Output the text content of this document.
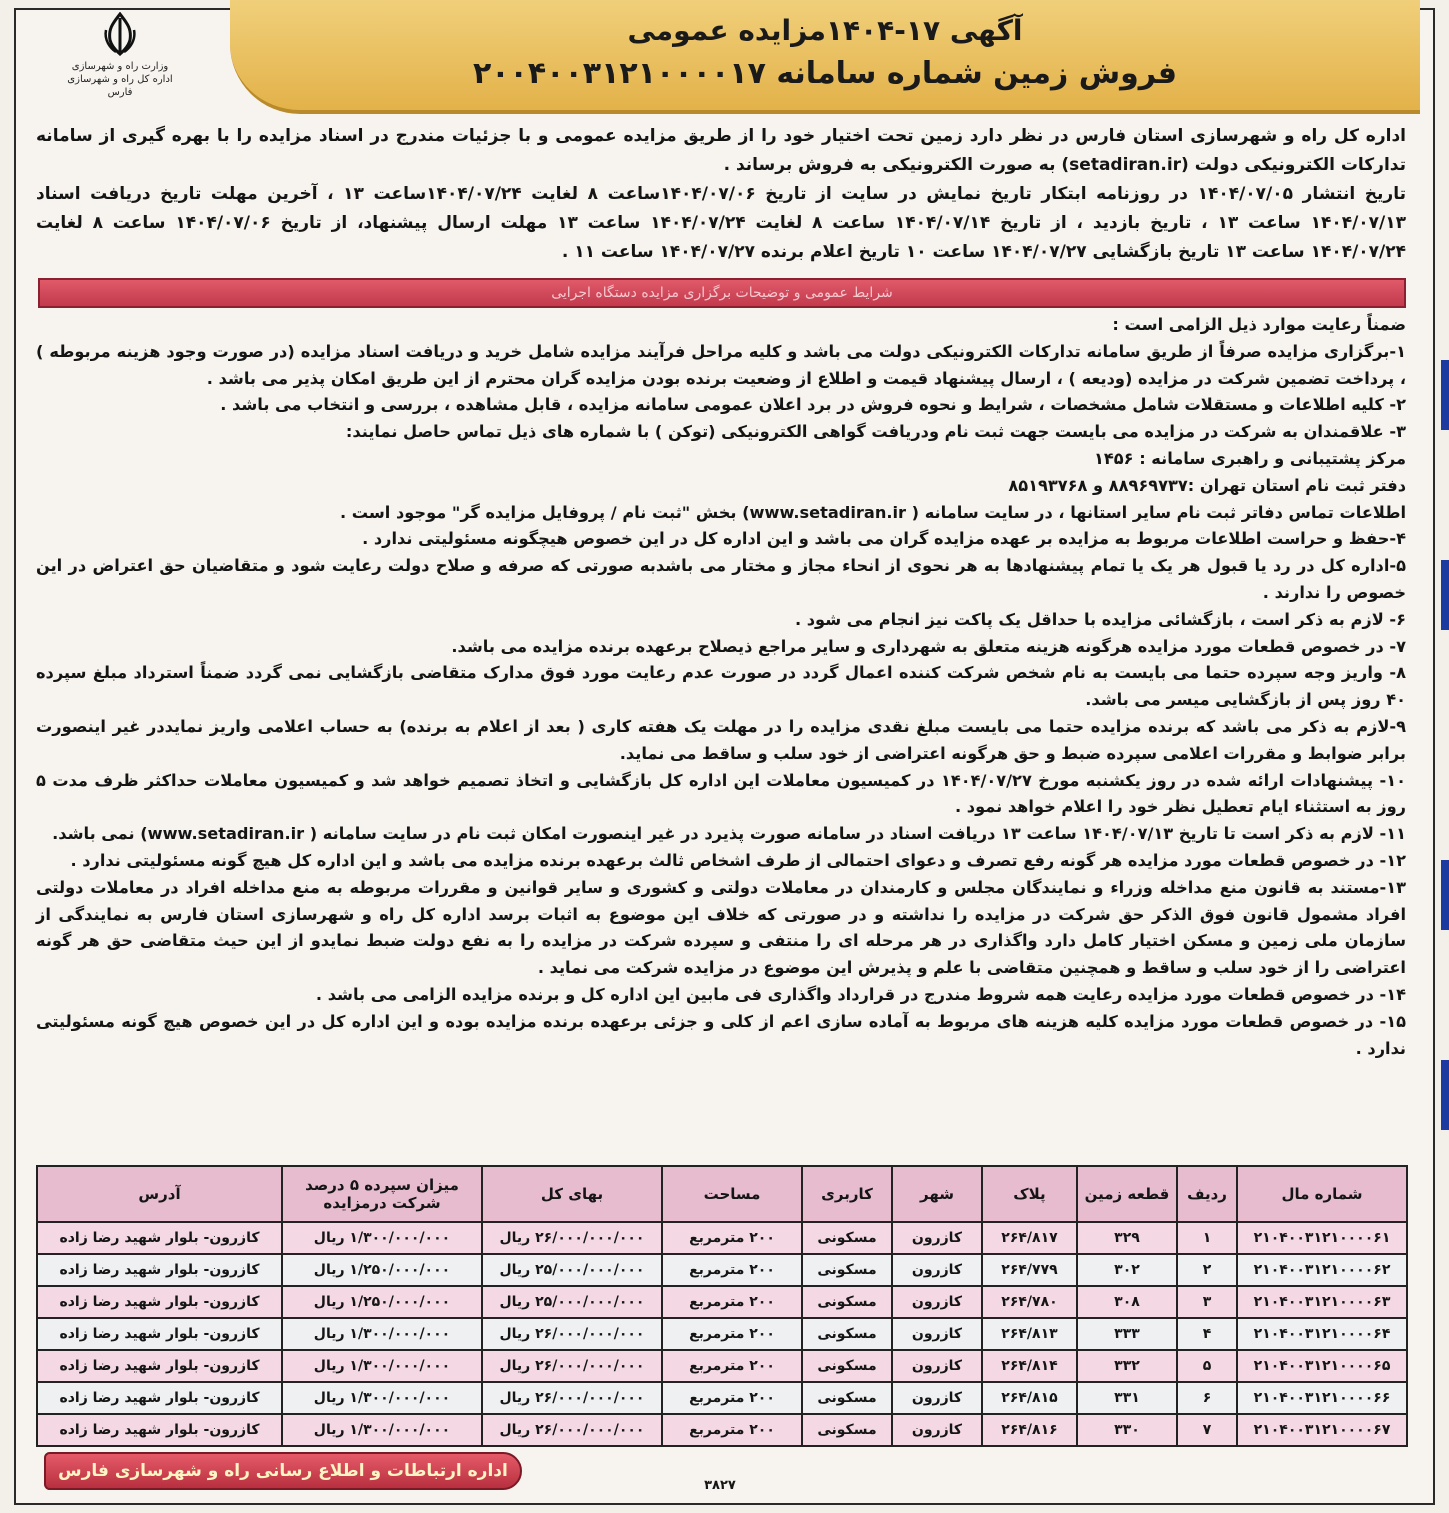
آگهی ۱۷-۱۴۰۴مزایده عمومی
فروش زمین شماره سامانه ۲۰۰۴۰۰۳۱۲۱۰۰۰۰۱۷
وزارت راه و شهرسازی
اداره کل راه و شهرسازی فارس

اداره کل راه و شهرسازی استان فارس در نظر دارد زمین تحت اختیار خود را از طریق مزایده عمومی و با جزئیات مندرج در اسناد مزایده را با بهره گیری از سامانه تدارکات الکترونیکی دولت (setadiran.ir) به صورت الکترونیکی به فروش برساند .

تاریخ انتشار ۱۴۰۴/۰۷/۰۵ در روزنامه ابتکار تاریخ نمایش در سایت از تاریخ ۱۴۰۴/۰۷/۰۶ساعت ۸ لغایت ۱۴۰۴/۰۷/۲۴ساعت ۱۳ ، آخرین مهلت تاریخ دریافت اسناد ۱۴۰۴/۰۷/۱۳ ساعت ۱۳ ، تاریخ بازدید ، از تاریخ ۱۴۰۴/۰۷/۱۴ ساعت ۸ لغایت ۱۴۰۴/۰۷/۲۴ ساعت ۱۳ مهلت ارسال پیشنهاد، از تاریخ ۱۴۰۴/۰۷/۰۶ ساعت ۸ لغایت ۱۴۰۴/۰۷/۲۴ ساعت ۱۳ تاریخ بازگشایی ۱۴۰۴/۰۷/۲۷ ساعت ۱۰ تاریخ اعلام برنده ۱۴۰۴/۰۷/۲۷ ساعت ۱۱ .

شرایط عمومی و توضیحات برگزاری مزایده دستگاه اجرایی

ضمناً رعایت موارد ذیل الزامی است :

۱-برگزاری مزایده صرفاً از طریق سامانه تدارکات الکترونیکی دولت می باشد و کلیه مراحل فرآیند مزایده شامل خرید و دریافت اسناد مزایده (در صورت وجود هزینه مربوطه ) ، پرداخت تضمین شرکت در مزایده (ودیعه ) ، ارسال پیشنهاد قیمت و اطلاع از وضعیت برنده بودن مزایده گران محترم از این طریق امکان پذیر می باشد .

۲- کلیه اطلاعات و مستقلات شامل مشخصات ، شرایط و نحوه فروش در برد اعلان عمومی سامانه مزایده ، قابل مشاهده ، بررسی و انتخاب می باشد .

۳- علاقمندان به شرکت در مزایده می بایست جهت ثبت نام ودریافت گواهی الکترونیکی (توکن ) با شماره های ذیل تماس حاصل نمایند:

مرکز پشتیبانی و راهبری سامانه : ۱۴۵۶

دفتر ثبت نام استان تهران :۸۸۹۶۹۷۳۷ و ۸۵۱۹۳۷۶۸

اطلاعات تماس دفاتر ثبت نام سایر استانها ، در سایت سامانه ( www.setadiran.ir) بخش "ثبت نام / پروفایل مزایده گر" موجود است .

۴-حفظ و حراست اطلاعات مربوط به مزایده بر عهده مزایده گران می باشد و این اداره کل در این خصوص هیچگونه مسئولیتی ندارد .

۵-اداره کل در رد یا قبول هر یک یا تمام پیشنهادها به هر نحوی از انحاء مجاز و مختار می باشدبه صورتی که صرفه و صلاح دولت رعایت شود و متقاضیان حق اعتراض در این خصوص را ندارند .

۶- لازم به ذکر است ، بازگشائی مزایده با حداقل یک پاکت نیز انجام می شود .

۷- در خصوص قطعات مورد مزایده هرگونه هزینه متعلق به شهرداری و سایر مراجع ذیصلاح برعهده برنده مزایده می باشد.

۸- واریز وجه سپرده حتما می بایست به نام شخص شرکت کننده اعمال گردد در صورت عدم رعایت مورد فوق مدارک متقاضی بازگشایی نمی گردد ضمناً استرداد مبلغ سپرده ۴۰ روز پس از بازگشایی میسر می باشد.

۹-لازم به ذکر می باشد که برنده مزایده حتما می بایست مبلغ نقدی مزایده را در مهلت یک هفته کاری ( بعد از اعلام به برنده) به حساب اعلامی واریز نمایددر غیر اینصورت برابر ضوابط و مقررات اعلامی سپرده ضبط و حق هرگونه اعتراضی از خود سلب و ساقط می نماید.

۱۰- پیشنهادات ارائه شده در روز یکشنبه مورخ ۱۴۰۴/۰۷/۲۷ در کمیسیون معاملات این اداره کل بازگشایی و اتخاذ تصمیم خواهد شد و کمیسیون معاملات حداکثر ظرف مدت ۵ روز به استثناء ایام تعطیل نظر خود را اعلام خواهد نمود .

۱۱- لازم به ذکر است تا تاریخ ۱۴۰۴/۰۷/۱۳ ساعت ۱۳ دریافت اسناد در سامانه صورت پذیرد در غیر اینصورت امکان ثبت نام در سایت سامانه ( www.setadiran.ir) نمی باشد.

۱۲- در خصوص قطعات مورد مزایده هر گونه رفع تصرف و دعوای احتمالی از طرف اشخاص ثالث برعهده برنده مزایده می باشد و این اداره کل هیچ گونه مسئولیتی ندارد .

۱۳-مستند به قانون منع مداخله وزراء و نمایندگان مجلس و کارمندان در معاملات دولتی و کشوری و سایر قوانین و مقررات مربوطه به منع مداخله افراد در معاملات دولتی افراد مشمول قانون فوق الذکر حق شرکت در مزایده را نداشته و در صورتی که خلاف این موضوع به اثبات برسد اداره کل راه و شهرسازی استان فارس به نمایندگی از سازمان ملی زمین و مسکن اختیار کامل دارد واگذاری در هر مرحله ای را منتفی و سپرده شرکت در مزایده را به نفع دولت ضبط نمایدو از این حیث متقاضی حق هر گونه اعتراضی را از خود سلب و ساقط و همچنین متقاضی با علم و پذیرش این موضوع در مزایده شرکت می نماید .

۱۴- در خصوص قطعات مورد مزایده رعایت همه شروط مندرج در قرارداد واگذاری فی مابین این اداره کل و برنده مزایده الزامی می باشد .

۱۵- در خصوص قطعات مورد مزایده کلیه هزینه های مربوط به آماده سازی اعم از کلی و جزئی برعهده برنده مزایده بوده و این اداره کل در این خصوص هیچ گونه مسئولیتی ندارد .

شماره مال	ردیف	قطعه زمین	پلاک	شهر	کاربری	مساحت	بهای کل	میزان سپرده ۵ درصد شرکت درمزایده	آدرس
۲۱۰۴۰۰۳۱۲۱۰۰۰۰۶۱	۱	۳۲۹	۲۶۴/۸۱۷	کازرون	مسکونی	۲۰۰ مترمربع	۲۶/۰۰۰/۰۰۰/۰۰۰ ریال	۱/۳۰۰/۰۰۰/۰۰۰ ریال	کازرون- بلوار شهید رضا زاده
۲۱۰۴۰۰۳۱۲۱۰۰۰۰۶۲	۲	۳۰۲	۲۶۴/۷۷۹	کازرون	مسکونی	۲۰۰ مترمربع	۲۵/۰۰۰/۰۰۰/۰۰۰ ریال	۱/۲۵۰/۰۰۰/۰۰۰ ریال	کازرون- بلوار شهید رضا زاده
۲۱۰۴۰۰۳۱۲۱۰۰۰۰۶۳	۳	۳۰۸	۲۶۴/۷۸۰	کازرون	مسکونی	۲۰۰ مترمربع	۲۵/۰۰۰/۰۰۰/۰۰۰ ریال	۱/۲۵۰/۰۰۰/۰۰۰ ریال	کازرون- بلوار شهید رضا زاده
۲۱۰۴۰۰۳۱۲۱۰۰۰۰۶۴	۴	۳۳۳	۲۶۴/۸۱۳	کازرون	مسکونی	۲۰۰ مترمربع	۲۶/۰۰۰/۰۰۰/۰۰۰ ریال	۱/۳۰۰/۰۰۰/۰۰۰ ریال	کازرون- بلوار شهید رضا زاده
۲۱۰۴۰۰۳۱۲۱۰۰۰۰۶۵	۵	۳۳۲	۲۶۴/۸۱۴	کازرون	مسکونی	۲۰۰ مترمربع	۲۶/۰۰۰/۰۰۰/۰۰۰ ریال	۱/۳۰۰/۰۰۰/۰۰۰ ریال	کازرون- بلوار شهید رضا زاده
۲۱۰۴۰۰۳۱۲۱۰۰۰۰۶۶	۶	۳۳۱	۲۶۴/۸۱۵	کازرون	مسکونی	۲۰۰ مترمربع	۲۶/۰۰۰/۰۰۰/۰۰۰ ریال	۱/۳۰۰/۰۰۰/۰۰۰ ریال	کازرون- بلوار شهید رضا زاده
۲۱۰۴۰۰۳۱۲۱۰۰۰۰۶۷	۷	۳۳۰	۲۶۴/۸۱۶	کازرون	مسکونی	۲۰۰ مترمربع	۲۶/۰۰۰/۰۰۰/۰۰۰ ریال	۱/۳۰۰/۰۰۰/۰۰۰ ریال	کازرون- بلوار شهید رضا زاده
اداره ارتباطات و اطلاع رسانی راه و شهرسازی فارس
۳۸۲۷
